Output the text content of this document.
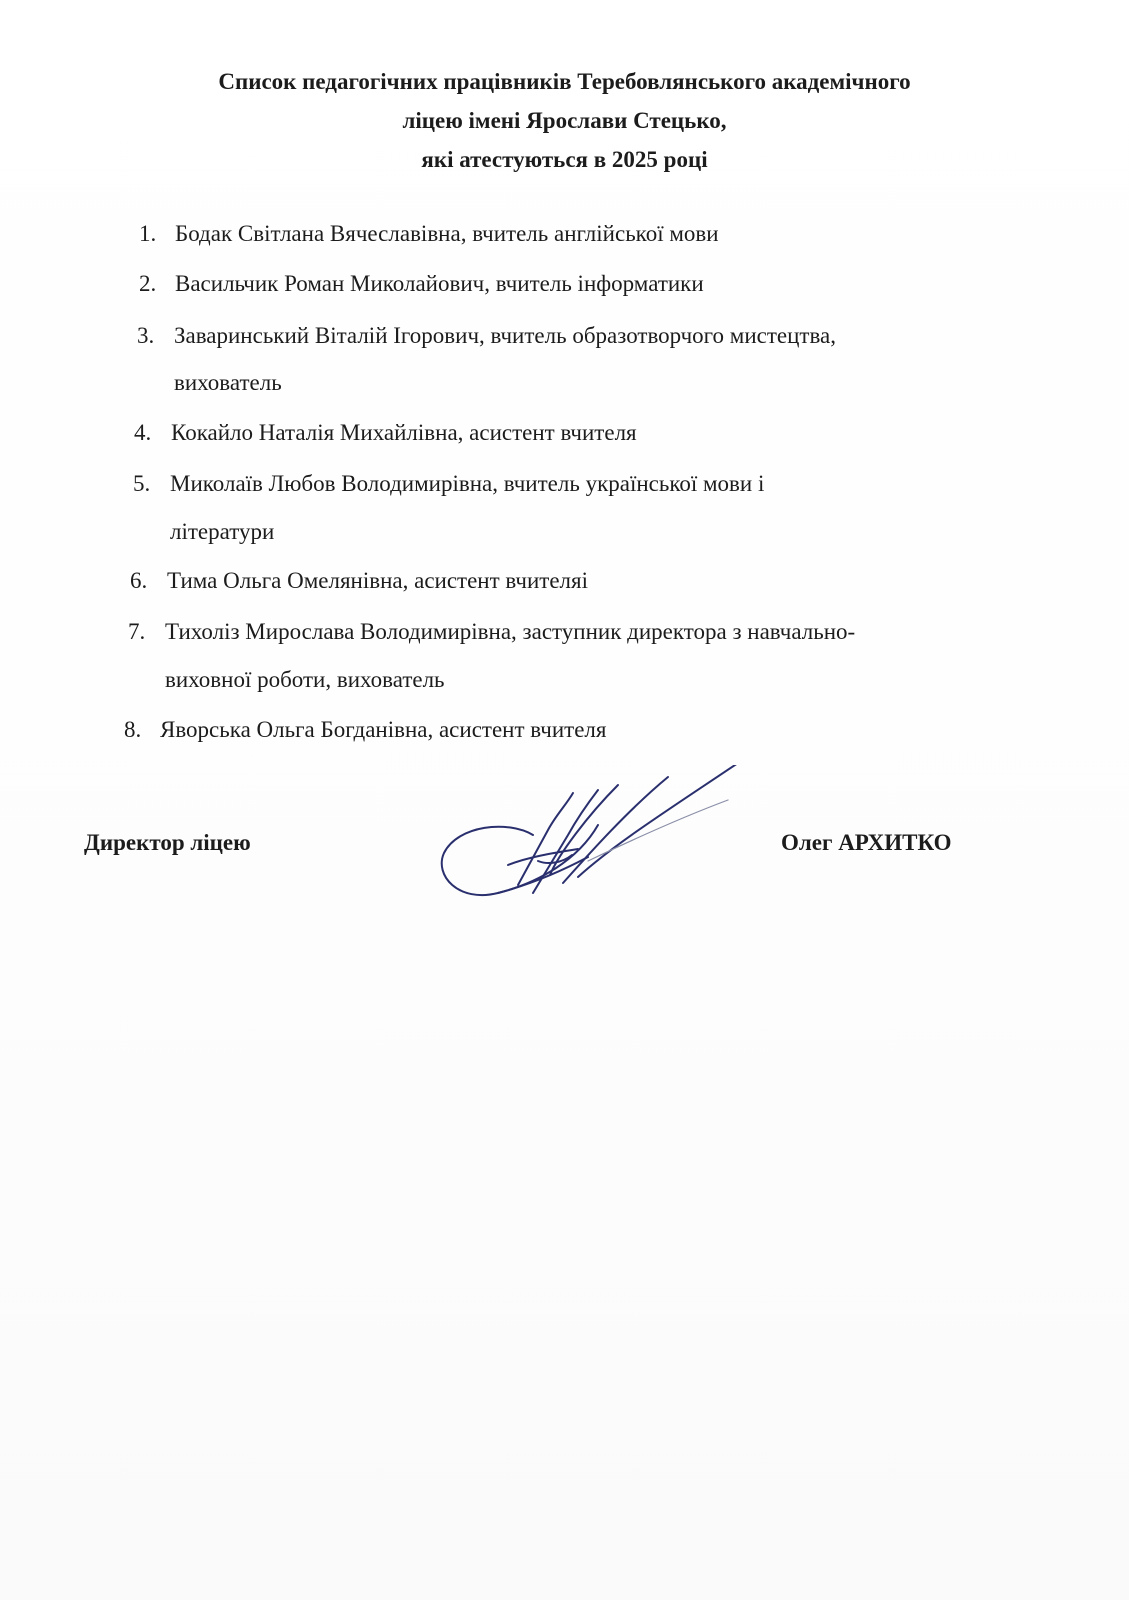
Список педагогічних працівників Теребовлянського академічного
ліцею імені Ярослави Стецько,
які атестуються в 2025 році
1. Бодак Світлана Вячеславівна, вчитель англійської мови
2. Васильчик Роман Миколайович, вчитель інформатики
3. Заваринський Віталій Ігорович, вчитель образотворчого мистецтва,
вихователь
4. Кокайло Наталія Михайлівна, асистент вчителя
5. Миколаїв Любов Володимирівна, вчитель української мови і
літератури
6. Тима Ольга Омелянівна, асистент вчителяі
7. Тихоліз Мирослава Володимирівна, заступник директора з навчально-
виховної роботи, вихователь
8. Яворська Ольга Богданівна, асистент вчителя
Директор ліцею	Олег АРХИТКО
